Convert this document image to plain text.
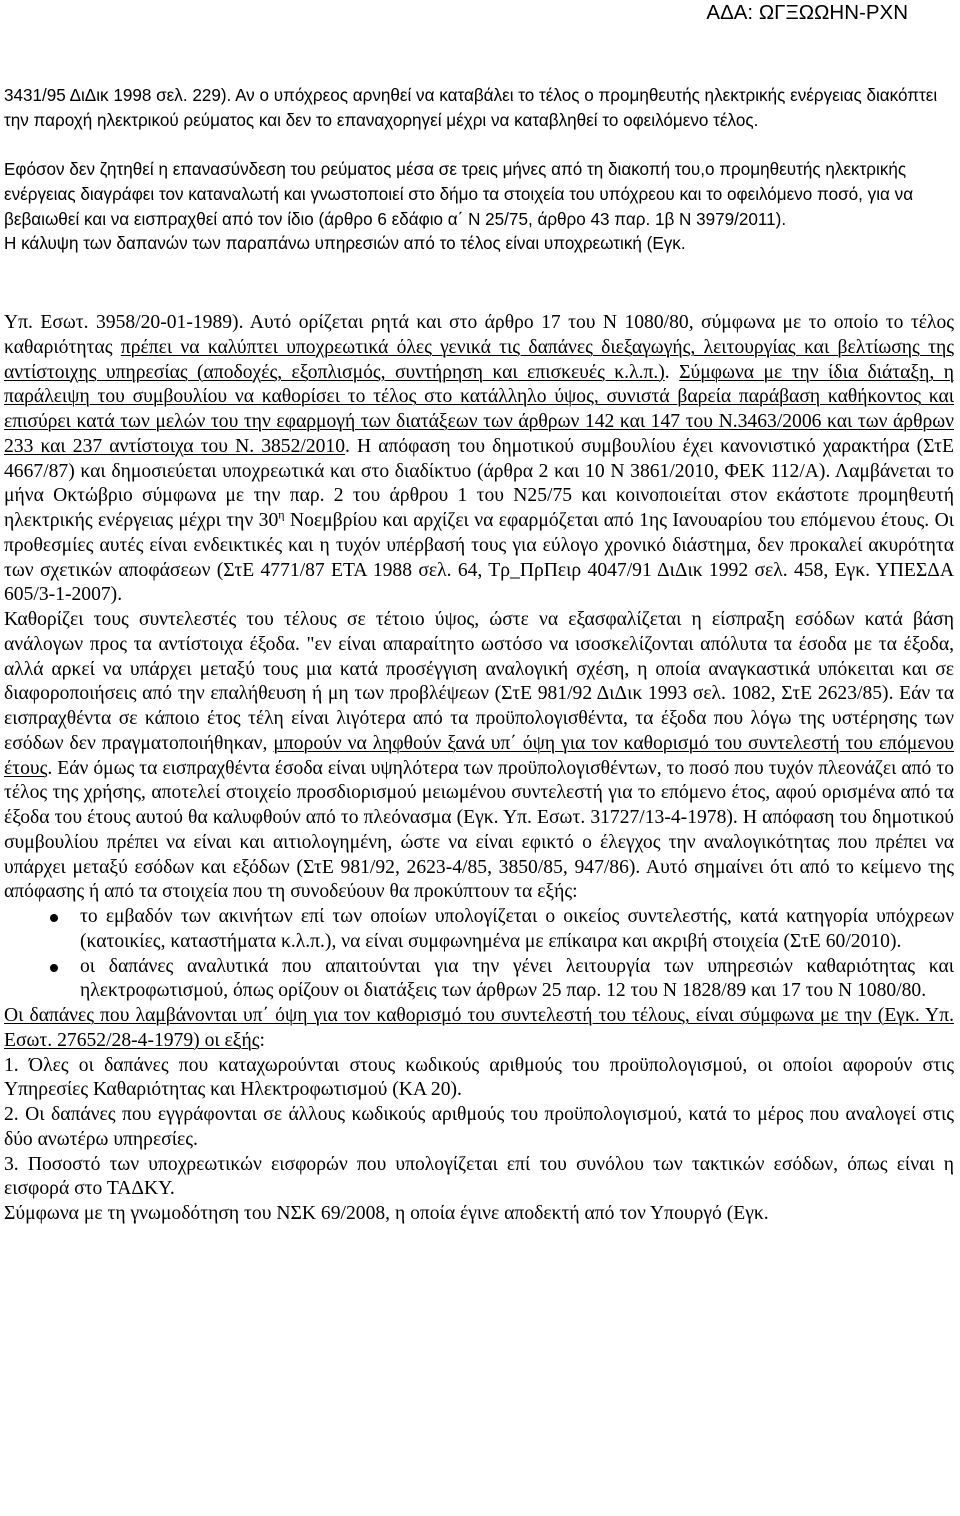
ΑΔΑ: ΩΓΞΩΩΗΝ-ΡΧΝ

3431/95 ΔιΔικ 1998 σελ. 229). Αν ο υπόχρεος αρνηθεί να καταβάλει το τέλος ο προμηθευτής ηλεκτρικής ενέργειας διακόπτει την παροχή ηλεκτρικού ρεύματος και δεν το επαναχορηγεί μέχρι να καταβληθεί το οφειλόμενο τέλος.

Εφόσον δεν ζητηθεί η επανασύνδεση του ρεύματος μέσα σε τρεις μήνες από τη διακοπή του,ο προμηθευτής ηλεκτρικής ενέργειας διαγράφει τον καταναλωτή και γνωστοποιεί στο δήμο τα στοιχεία του υπόχρεου και το οφειλόμενο ποσό, για να βεβαιωθεί και να εισπραχθεί από τον ίδιο (άρθρο 6 εδάφιο α΄ Ν 25/75, άρθρο 43 παρ. 1β Ν 3979/2011).

Η κάλυψη των δαπανών των παραπάνω υπηρεσιών από το τέλος είναι υποχρεωτική (Εγκ.

Υπ. Εσωτ. 3958/20-01-1989). Αυτό ορίζεται ρητά και στο άρθρο 17 του Ν 1080/80, σύμφωνα με το οποίο το τέλος καθαριότητας πρέπει να καλύπτει υποχρεωτικά όλες γενικά τις δαπάνες διεξαγωγής, λειτουργίας και βελτίωσης της αντίστοιχης υπηρεσίας (αποδοχές, εξοπλισμός, συντήρηση και επισκευές κ.λ.π.). Σύμφωνα με την ίδια διάταξη, η παράλειψη του συμβουλίου να καθορίσει το τέλος στο κατάλληλο ύψος, συνιστά βαρεία παράβαση καθήκοντος και επισύρει κατά των μελών του την εφαρμογή των διατάξεων των άρθρων 142 και 147 του Ν.3463/2006 και των άρθρων 233 και 237 αντίστοιχα του Ν. 3852/2010. Η απόφαση του δημοτικού συμβουλίου έχει κανονιστικό χαρακτήρα (ΣτΕ 4667/87) και δημοσιεύεται υποχρεωτικά και στο διαδίκτυο (άρθρα 2 και 10 Ν 3861/2010, ΦΕΚ 112/Α). Λαμβάνεται το μήνα Οκτώβριο σύμφωνα με την παρ. 2 του άρθρου 1 του Ν25/75 και κοινοποιείται στον εκάστοτε προμηθευτή ηλεκτρικής ενέργειας μέχρι την $30^\eta$ Νοεμβρίου και αρχίζει να εφαρμόζεται από 1ης Ιανουαρίου του επόμενου έτους. Οι προθεσμίες αυτές είναι ενδεικτικές και η τυχόν υπέρβασή τους για εύλογο χρονικό διάστημα, δεν προκαλεί ακυρότητα των σχετικών αποφάσεων (ΣτΕ 4771/87 ΕΤΑ 1988 σελ. 64, Τρ_ΠρΠειρ 4047/91 ΔιΔικ 1992 σελ. 458, Εγκ. ΥΠΕΣΔΑ 605/3-1-2007).

Καθορίζει τους συντελεστές του τέλους σε τέτοιο ύψος, ώστε να εξασφαλίζεται η είσπραξη εσόδων κατά βάση ανάλογων προς τα αντίστοιχα έξοδα. "εν είναι απαραίτητο ωστόσο να ισοσκελίζονται απόλυτα τα έσοδα με τα έξοδα, αλλά αρκεί να υπάρχει μεταξύ τους μια κατά προσέγγιση αναλογική σχέση, η οποία αναγκαστικά υπόκειται και σε διαφοροποιήσεις από την επαλήθευση ή μη των προβλέψεων (ΣτΕ 981/92 ΔιΔικ 1993 σελ. 1082, ΣτΕ 2623/85). Εάν τα εισπραχθέντα σε κάποιο έτος τέλη είναι λιγότερα από τα προϋπολογισθέντα, τα έξοδα που λόγω της υστέρησης των εσόδων δεν πραγματοποιήθηκαν, μπορούν να ληφθούν ξανά υπ΄ όψη για τον καθορισμό του συντελεστή του επόμενου έτους. Εάν όμως τα εισπραχθέντα έσοδα είναι υψηλότερα των προϋπολογισθέντων, το ποσό που τυχόν πλεονάζει από το τέλος της χρήσης, αποτελεί στοιχείο προσδιορισμού μειωμένου συντελεστή για το επόμενο έτος, αφού ορισμένα από τα έξοδα του έτους αυτού θα καλυφθούν από το πλεόνασμα (Εγκ. Υπ. Εσωτ. 31727/13-4-1978). Η απόφαση του δημοτικού συμβουλίου πρέπει να είναι και αιτιολογημένη, ώστε να είναι εφικτό ο έλεγχος την αναλογικότητας που πρέπει να υπάρχει μεταξύ εσόδων και εξόδων (ΣτΕ 981/92, 2623-4/85, 3850/85, 947/86). Αυτό σημαίνει ότι από το κείμενο της απόφασης ή από τα στοιχεία που τη συνοδεύουν θα προκύπτουν τα εξής:

το εμβαδόν των ακινήτων επί των οποίων υπολογίζεται ο οικείος συντελεστής, κατά κατηγορία υπόχρεων (κατοικίες, καταστήματα κ.λ.π.), να είναι συμφωνημένα με επίκαιρα και ακριβή στοιχεία (ΣτΕ 60/2010).
οι δαπάνες αναλυτικά που απαιτούνται για την γένει λειτουργία των υπηρεσιών καθαριότητας και ηλεκτροφωτισμού, όπως ορίζουν οι διατάξεις των άρθρων 25 παρ. 12 του Ν 1828/89 και 17 του Ν 1080/80.

Οι δαπάνες που λαμβάνονται υπ΄ όψη για τον καθορισμό του συντελεστή του τέλους, είναι σύμφωνα με την (Εγκ. Υπ. Εσωτ. 27652/28-4-1979) οι εξής:

1. Όλες οι δαπάνες που καταχωρούνται στους κωδικούς αριθμούς του προϋπολογισμού, οι οποίοι αφορούν στις Υπηρεσίες Καθαριότητας και Ηλεκτροφωτισμού (ΚΑ 20).

2. Οι δαπάνες που εγγράφονται σε άλλους κωδικούς αριθμούς του προϋπολογισμού, κατά το μέρος που αναλογεί στις δύο ανωτέρω υπηρεσίες.

3. Ποσοστό των υποχρεωτικών εισφορών που υπολογίζεται επί του συνόλου των τακτικών εσόδων, όπως είναι η εισφορά στο ΤΑΔΚΥ.

Σύμφωνα με τη γνωμοδότηση του ΝΣΚ 69/2008, η οποία έγινε αποδεκτή από τον Υπουργό (Εγκ.
